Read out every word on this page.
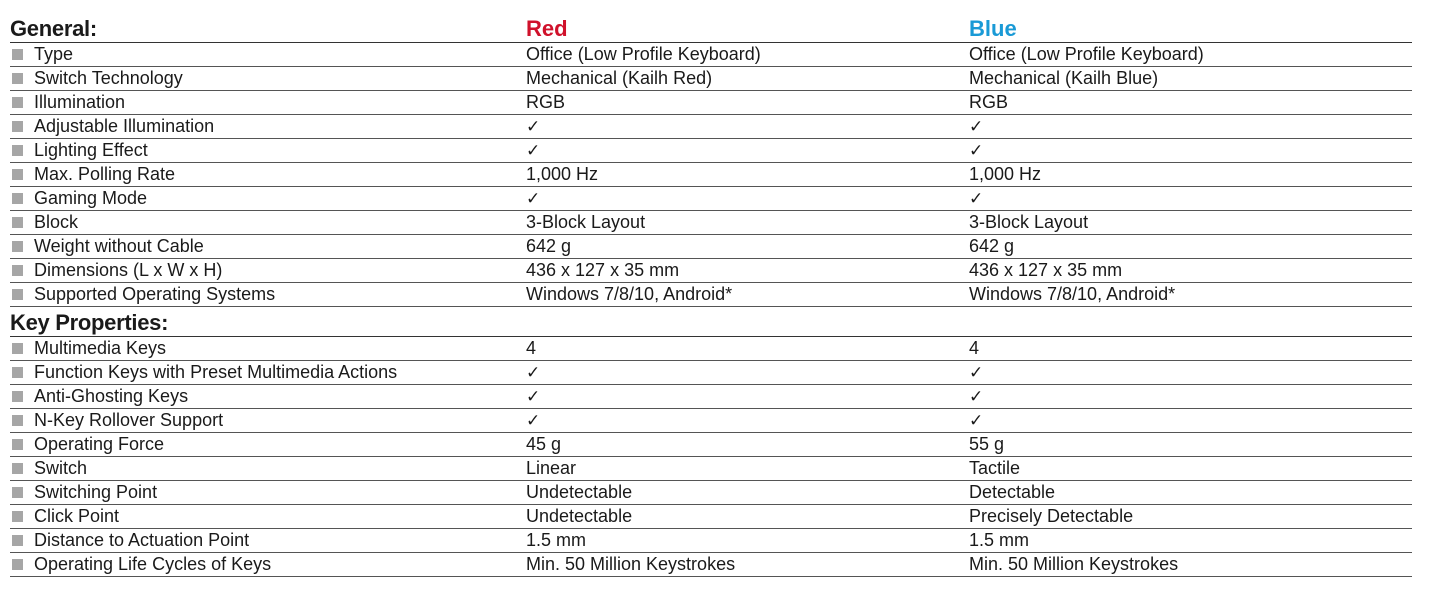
General:	Red	Blue
Type	Office (Low Profile Keyboard)	Office (Low Profile Keyboard)
Switch Technology	Mechanical (Kailh Red)	Mechanical (Kailh Blue)
Illumination	RGB	RGB
Adjustable Illumination	✓	✓
Lighting Effect	✓	✓
Max. Polling Rate	1,000 Hz	1,000 Hz
Gaming Mode	✓	✓
Block	3-Block Layout	3-Block Layout
Weight without Cable	642 g	642 g
Dimensions (L x W x H)	436 x 127 x 35 mm	436 x 127 x 35 mm
Supported Operating Systems	Windows 7/8/10, Android*	Windows 7/8/10, Android*
Key Properties:
Multimedia Keys	4	4
Function Keys with Preset Multimedia Actions	✓	✓
Anti-Ghosting Keys	✓	✓
N-Key Rollover Support	✓	✓
Operating Force	45 g	55 g
Switch	Linear	Tactile
Switching Point	Undetectable	Detectable
Click Point	Undetectable	Precisely Detectable
Distance to Actuation Point	1.5 mm	1.5 mm
Operating Life Cycles of Keys	Min. 50 Million Keystrokes	Min. 50 Million Keystrokes
